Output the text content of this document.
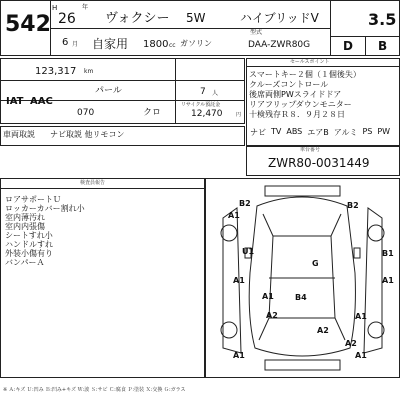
542
H
26
年
6 月
ヴォクシー 5W	ハイブリッドV
自家用 1800 cc ガソリン
型式
DAA-ZWR80G
3.5
D B
123,317 km
IAT AAC
パール	7 人
070	クロ
リサイクル預託金
12,470	円
セールスポイント
スマートキー２個（１個後失）
クルーズコントロール
後席両側PWスライドドア
リアフリップダウンモニター
十検残存Ｒ８．９月２８日
ナビ TV ABS エアB アルミ PS PW
車両取説 ナビ取説 他リモコン
車台番号
ZWR80-0031449
検査員報告
ロアサポートＵ
ロッカーカバー割れ小
室内薄汚れ
室内内張傷
シートすれ小
ハンドルすれ
外装小傷有り
バンパーＡ
B2
A1
U1
G
A1
A1	B4
A2
A1	A1
A2
B2
B1
A1
A1
A2
※ Ａ:キズ Ｕ:凹み Ｂ:凹み+キズ Ｗ:波 Ｓ:サビ Ｃ:腐食 Ｐ:塗装 Ｘ:交換 Ｇ:ガラス
